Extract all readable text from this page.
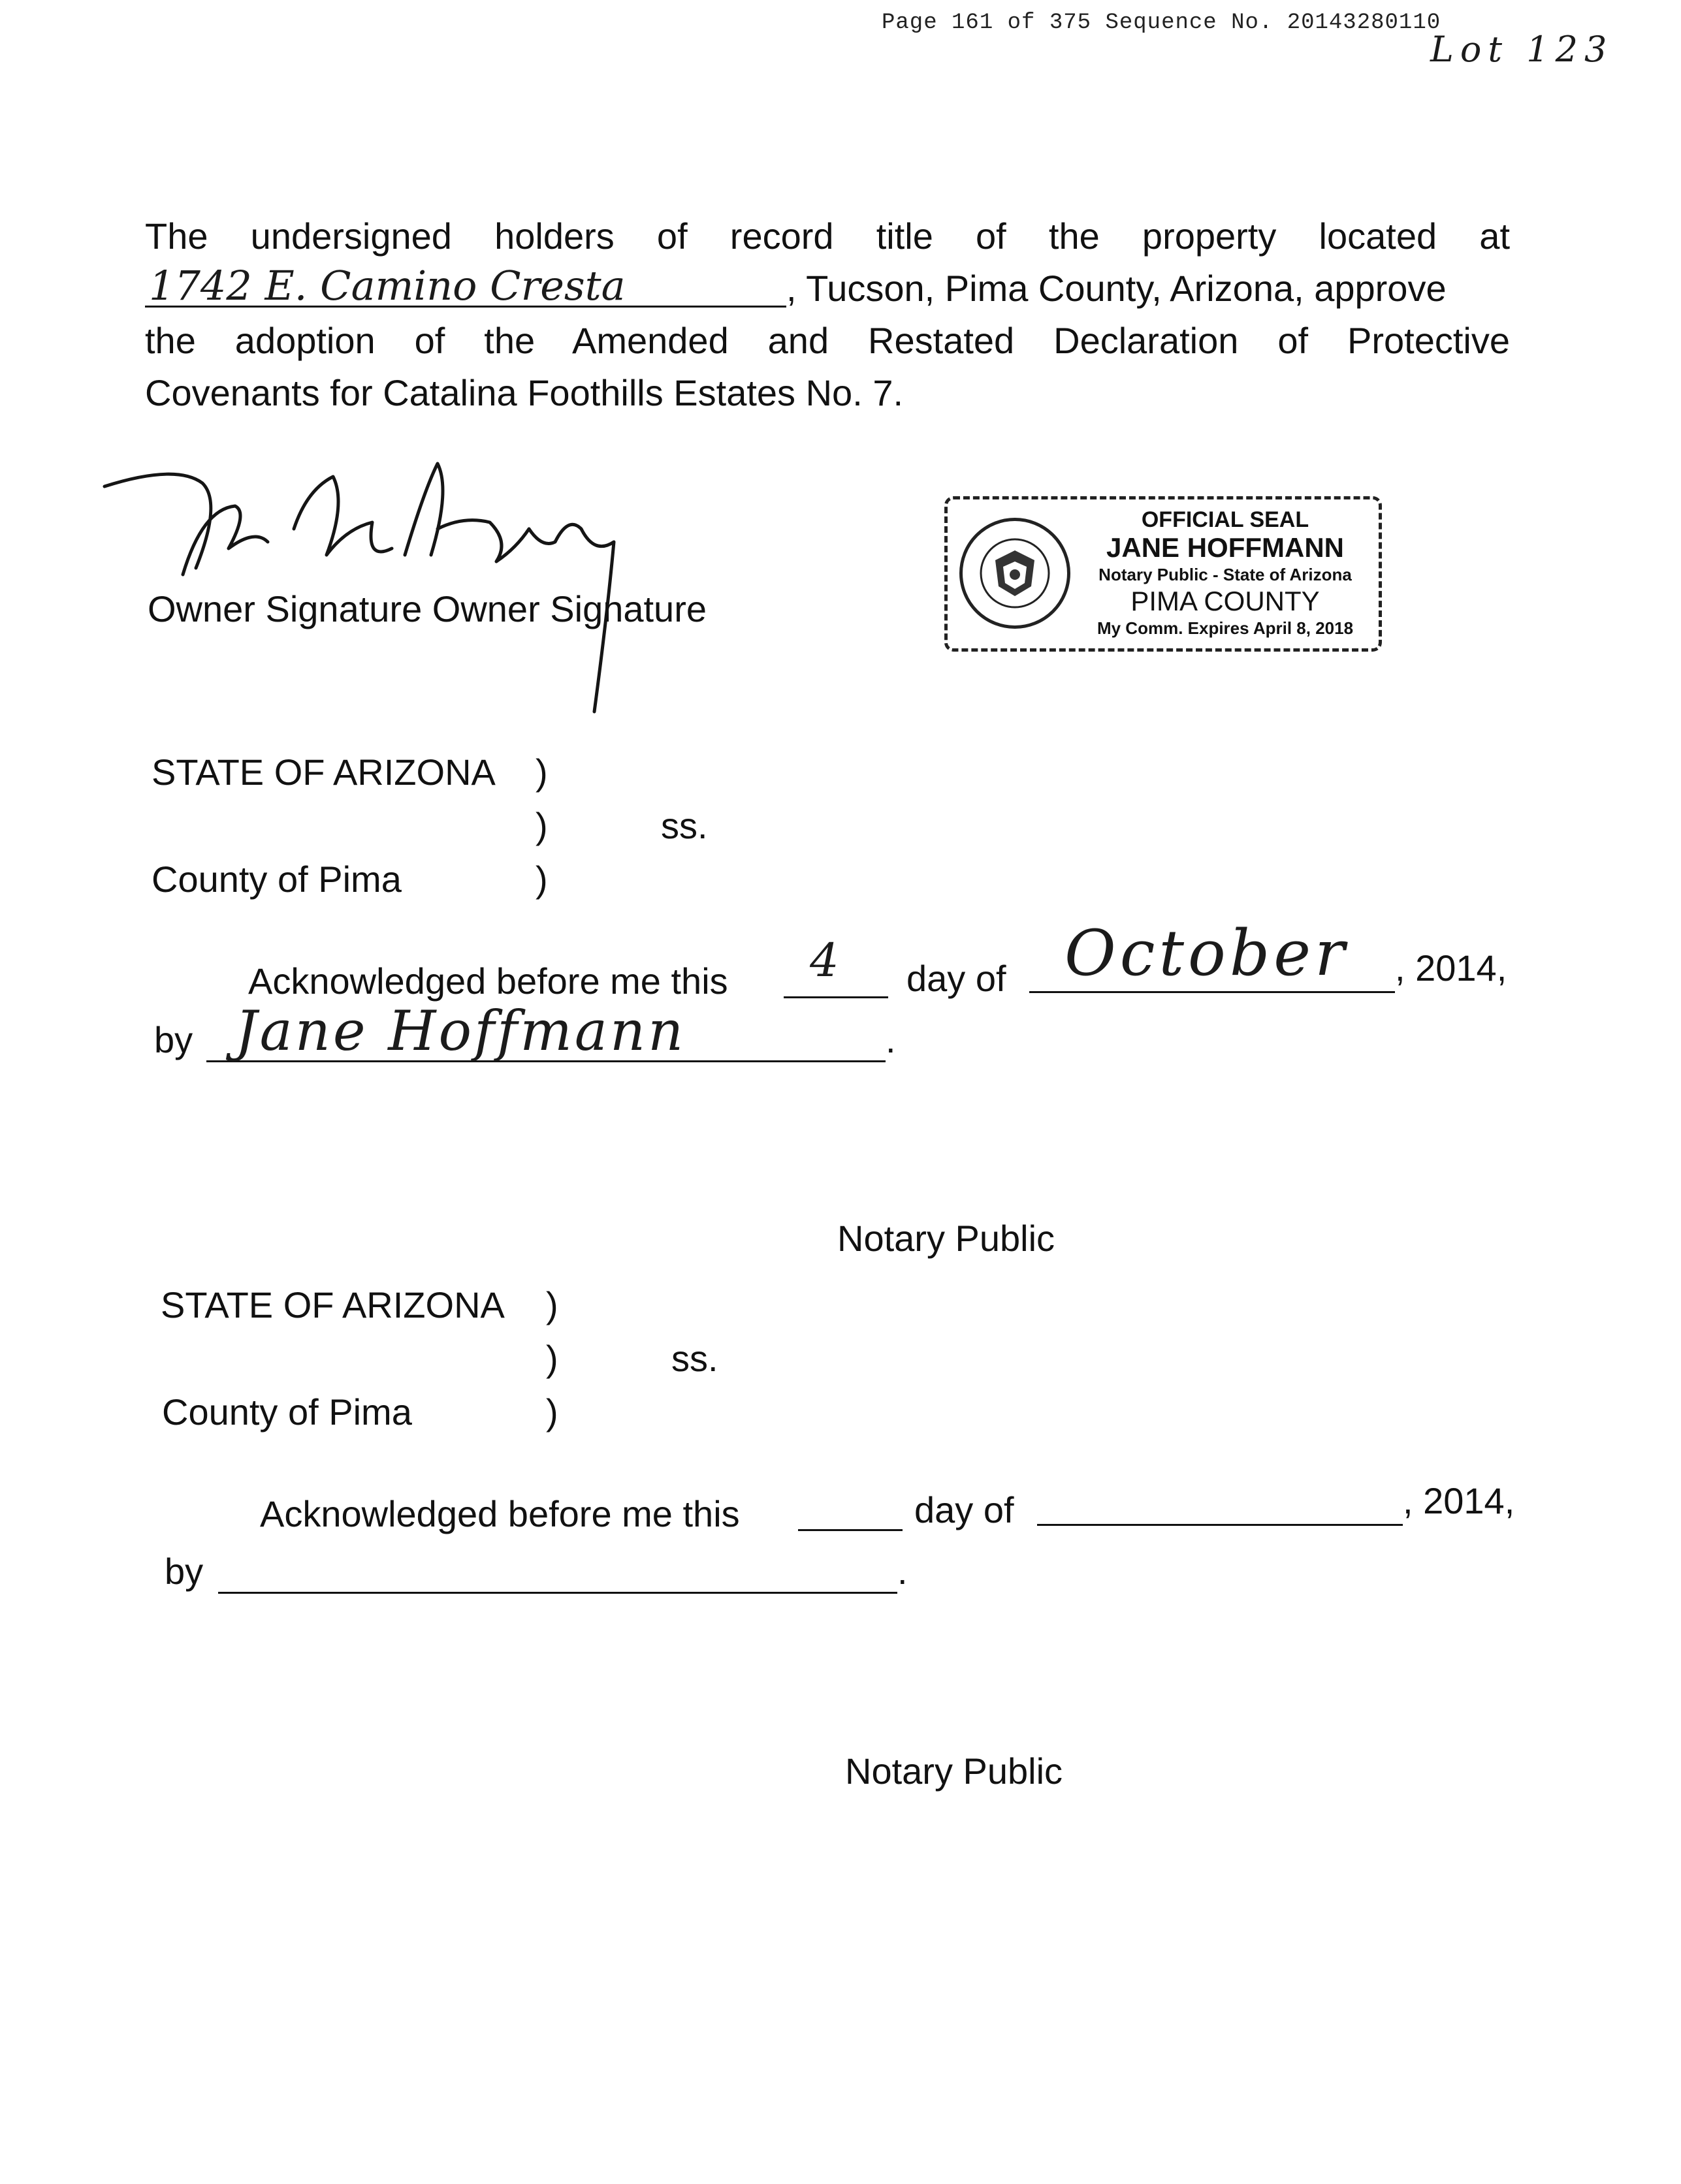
Page 161 of 375 Sequence No. 20143280110
Lot 123
The undersigned holders of record title of the property located at
1742 E. Camino Cresta	, Tucson, Pima County, Arizona, approve
the adoption of the Amended and Restated Declaration of Protective
Covenants for Catalina Foothills Estates No. 7.
Owner Signature Owner Signature
OFFICIAL SEAL
JANE HOFFMANN
Notary Public - State of Arizona
PIMA COUNTY
My Comm. Expires April 8, 2018
STATE OF ARIZONA )
)	ss.
County of Pima	)
Acknowledged before me this 4 day of October , 2014,
by Jane Hoffmann	.
Notary Public
STATE OF ARIZONA )
)	ss.
County of Pima	)
Acknowledged before me this	day of	, 2014,
by	.
Notary Public
